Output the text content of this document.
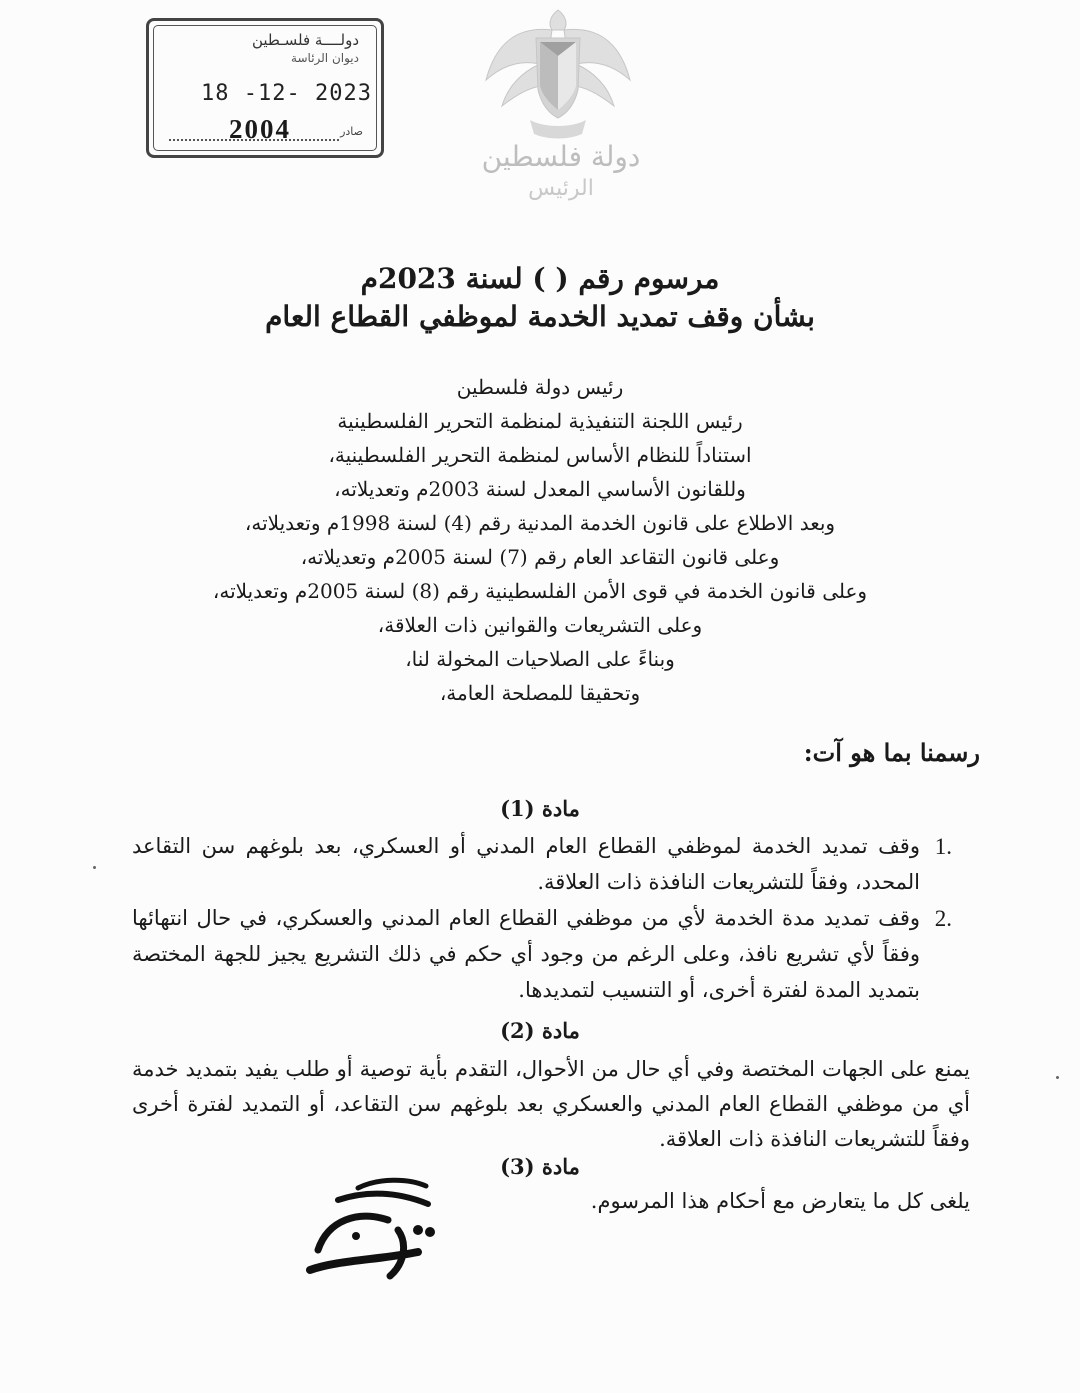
دولــــة فلسـطين
ديوان الرئاسة
18 -12- 2023
2004	صادر
دولة فلسطين
الرئيس
مرسوم رقم ( ) لسنة 2023م
بشأن وقف تمديد الخدمة لموظفي القطاع العام
رئيس دولة فلسطين
رئيس اللجنة التنفيذية لمنظمة التحرير الفلسطينية
استناداً للنظام الأساس لمنظمة التحرير الفلسطينية،
وللقانون الأساسي المعدل لسنة 2003م وتعديلاته،
وبعد الاطلاع على قانون الخدمة المدنية رقم (4) لسنة 1998م وتعديلاته،
وعلى قانون التقاعد العام رقم (7) لسنة 2005م وتعديلاته،
وعلى قانون الخدمة في قوى الأمن الفلسطينية رقم (8) لسنة 2005م وتعديلاته،
وعلى التشريعات والقوانين ذات العلاقة،
وبناءً على الصلاحيات المخولة لنا،
وتحقيقا للمصلحة العامة،
رسمنا بما هو آت:
مادة (1)
1.
وقف تمديد الخدمة لموظفي القطاع العام المدني أو العسكري، بعد بلوغهم سن التقاعد المحدد، وفقاً للتشريعات النافذة ذات العلاقة.
2.
وقف تمديد مدة الخدمة لأي من موظفي القطاع العام المدني والعسكري، في حال انتهائها وفقاً لأي تشريع نافذ، وعلى الرغم من وجود أي حكم في ذلك التشريع يجيز للجهة المختصة بتمديد المدة لفترة أخرى، أو التنسيب لتمديدها.
مادة (2)
يمنع على الجهات المختصة وفي أي حال من الأحوال، التقدم بأية توصية أو طلب يفيد بتمديد خدمة أي من موظفي القطاع العام المدني والعسكري بعد بلوغهم سن التقاعد، أو التمديد لفترة أخرى وفقاً للتشريعات النافذة ذات العلاقة.
مادة (3)
يلغى كل ما يتعارض مع أحكام هذا المرسوم.
